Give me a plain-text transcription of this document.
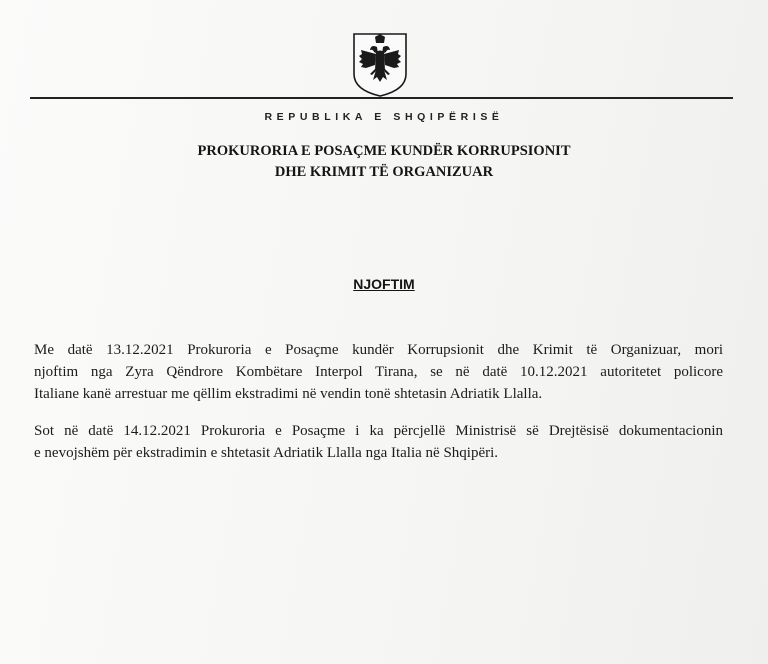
REPUBLIKA E SHQIPËRISË
PROKURORIA E POSAÇME KUNDËR KORRUPSIONIT
DHE KRIMIT TË ORGANIZUAR
NJOFTIM
Me datë 13.12.2021 Prokuroria e Posaçme kundër Korrupsionit dhe Krimit të Organizuar, mori
njoftim nga Zyra Qëndrore Kombëtare Interpol Tirana, se në datë 10.12.2021 autoritetet policore
Italiane kanë arrestuar me qëllim ekstradimi në vendin tonë shtetasin Adriatik Llalla.
Sot në datë 14.12.2021 Prokuroria e Posaçme i ka përcjellë Ministrisë së Drejtësisë dokumentacionin
e nevojshëm për ekstradimin e shtetasit Adriatik Llalla nga Italia në Shqipëri.
